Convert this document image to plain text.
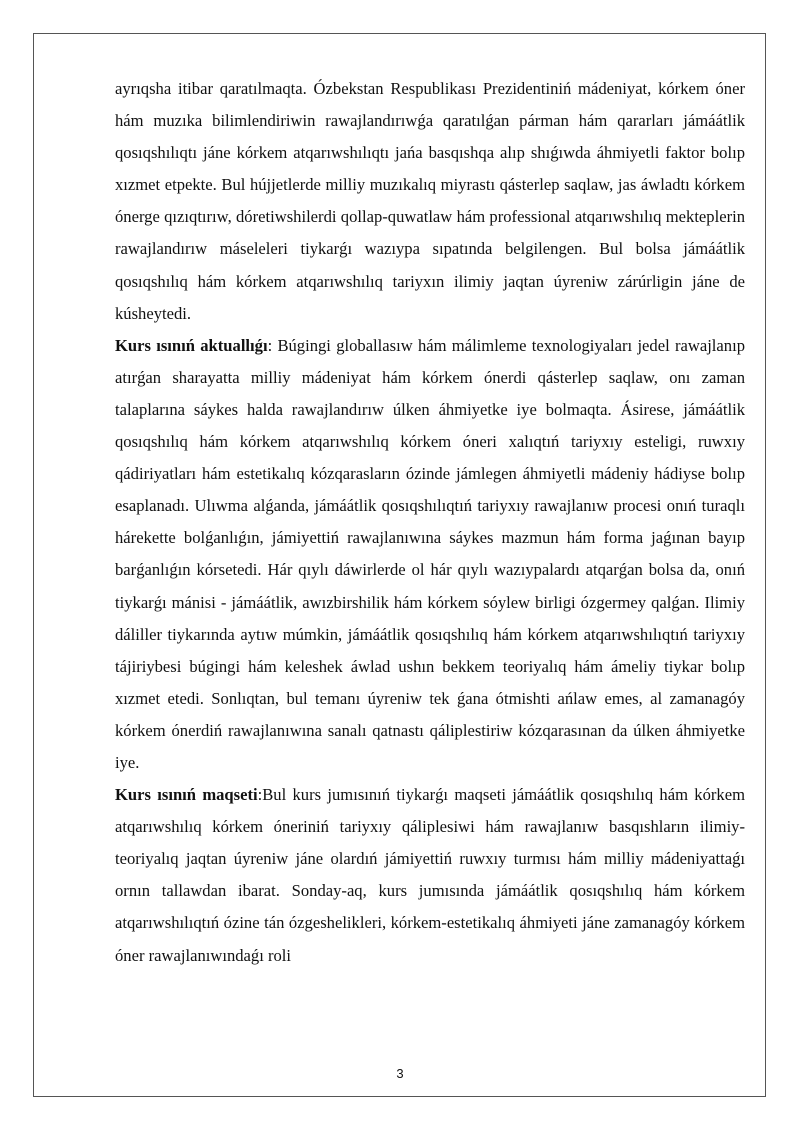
ayrıqsha itibar qaratılmaqta. Ózbekstan Respublikası Prezidentiniń mádeniyat, kórkem óner hám muzıka bilimlendiriwin rawajlandırıwǵa qaratılǵan párman hám qararları jámáátlik qosıqshılıqtı jáne kórkem atqarıwshılıqtı jańa basqıshqa alıp shıǵıwda áhmiyetli faktor bolıp xızmet etpekte. Bul hújjetlerde milliy muzıkalıq miyrastı qásterlep saqlaw, jas áwladtı kórkem ónerge qızıqtırıw, dóretiwshilerdi qollap-quwatlaw hám professional atqarıwshılıq mekteplerin rawajlandırıw máseleleri tiykarǵı wazıypa sıpatında belgilengen. Bul bolsa jámáátlik qosıqshılıq hám kórkem atqarıwshılıq tariyxın ilimiy jaqtan úyreniw zárúrligin jáne de kúsheytedi.

Kurs ısınıń aktuallıǵı: Búgingi globallasıw hám málimleme texnologiyaları jedel rawajlanıp atırǵan sharayatta milliy mádeniyat hám kórkem ónerdi qásterlep saqlaw, onı zaman talaplarına sáykes halda rawajlandırıw úlken áhmiyetke iye bolmaqta. Ásirese, jámáátlik qosıqshılıq hám kórkem atqarıwshılıq kórkem óneri xalıqtıń tariyxıy esteligi, ruwxıy qádiriyatları hám estetikalıq kózqarasların ózinde jámlegen áhmiyetli mádeniy hádiyse bolıp esaplanadı. Ulıwma alǵanda, jámáátlik qosıqshılıqtıń tariyxıy rawajlanıw procesi onıń turaqlı hárekette bolǵanlıǵın, jámiyettiń rawajlanıwına sáykes mazmun hám forma jaǵınan bayıp barǵanlıǵın kórsetedi. Hár qıylı dáwirlerde ol hár qıylı wazıypalardı atqarǵan bolsa da, onıń tiykarǵı mánisi - jámáátlik, awızbirshilik hám kórkem sóylew birligi ózgermey qalǵan. Ilimiy dáliller tiykarında aytıw múmkin, jámáátlik qosıqshılıq hám kórkem atqarıwshılıqtıń tariyxıy tájiriybesi búgingi hám keleshek áwlad ushın bekkem teoriyalıq hám ámeliy tiykar bolıp xızmet etedi. Sonlıqtan, bul temanı úyreniw tek ǵana ótmishti ańlaw emes, al zamanagóy kórkem ónerdiń rawajlanıwına sanalı qatnastı qáliplestiriw kózqarasınan da úlken áhmiyetke iye.

Kurs ısınıń maqseti:Bul kurs jumısınıń tiykarǵı maqseti jámáátlik qosıqshılıq hám kórkem atqarıwshılıq kórkem óneriniń tariyxıy qáliplesiwi hám rawajlanıw basqıshların ilimiy-teoriyalıq jaqtan úyreniw jáne olardıń jámiyettiń ruwxıy turmısı hám milliy mádeniyattaǵı ornın tallawdan ibarat. Sonday-aq, kurs jumısında jámáátlik qosıqshılıq hám kórkem atqarıwshılıqtıń ózine tán ózgeshelikleri, kórkem-estetikalıq áhmiyeti jáne zamanagóy kórkem óner rawajlanıwındaǵı roli

3
